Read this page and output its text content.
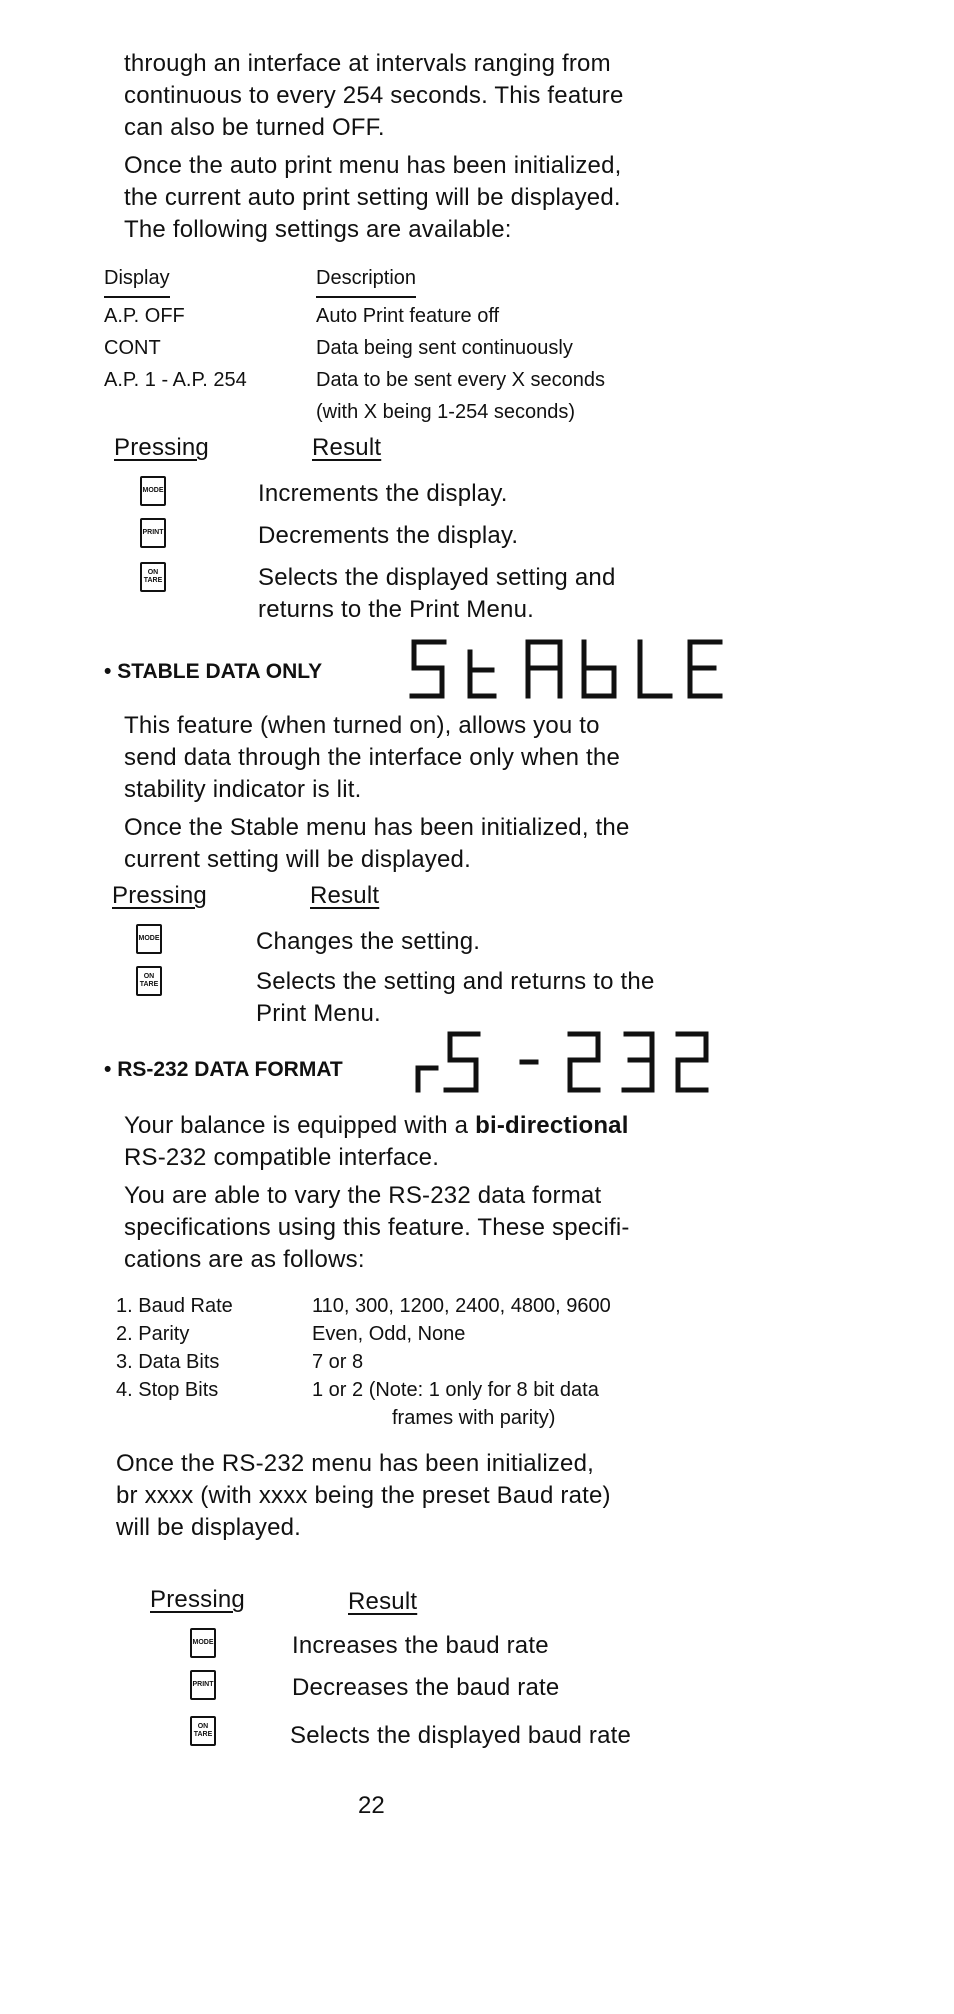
through an interface at intervals ranging from
continuous to every 254 seconds. This feature
can also be turned OFF.
Once the auto print menu has been initialized,
the current auto print setting will be displayed.
The following settings are available:
Display	Description
A.P. OFF	Auto Print feature off
CONT	Data being sent continuously
A.P. 1 - A.P. 254	Data to be sent every X seconds
(with X being 1-254 seconds)
Pressing	Result
MODE	Increments the display.
PRINT	Decrements the display.
ON
TARE	Selects the displayed setting and
returns to the Print Menu.
• STABLE DATA ONLY
This feature (when turned on), allows you to
send data through the interface only when the
stability indicator is lit.
Once the Stable menu has been initialized, the
current setting will be displayed.
Pressing	Result
MODE	Changes the setting.
ON
TARE	Selects the setting and returns to the
Print Menu.
• RS-232 DATA FORMAT
Your balance is equipped with a bi-directional
RS-232 compatible interface.
You are able to vary the RS-232 data format
specifications using this feature. These specifi-
cations are as follows:
1. Baud Rate	110, 300, 1200, 2400, 4800, 9600
2. Parity	Even, Odd, None
3. Data Bits	7 or 8
4. Stop Bits	1 or 2 (Note: 1 only for 8 bit data
frames with parity)
Once the RS-232 menu has been initialized,
br xxxx (with xxxx being the preset Baud rate)
will be displayed.
Pressing	Result
MODE	Increases the baud rate
PRINT	Decreases the baud rate
ON
TARE	Selects the displayed baud rate
22
